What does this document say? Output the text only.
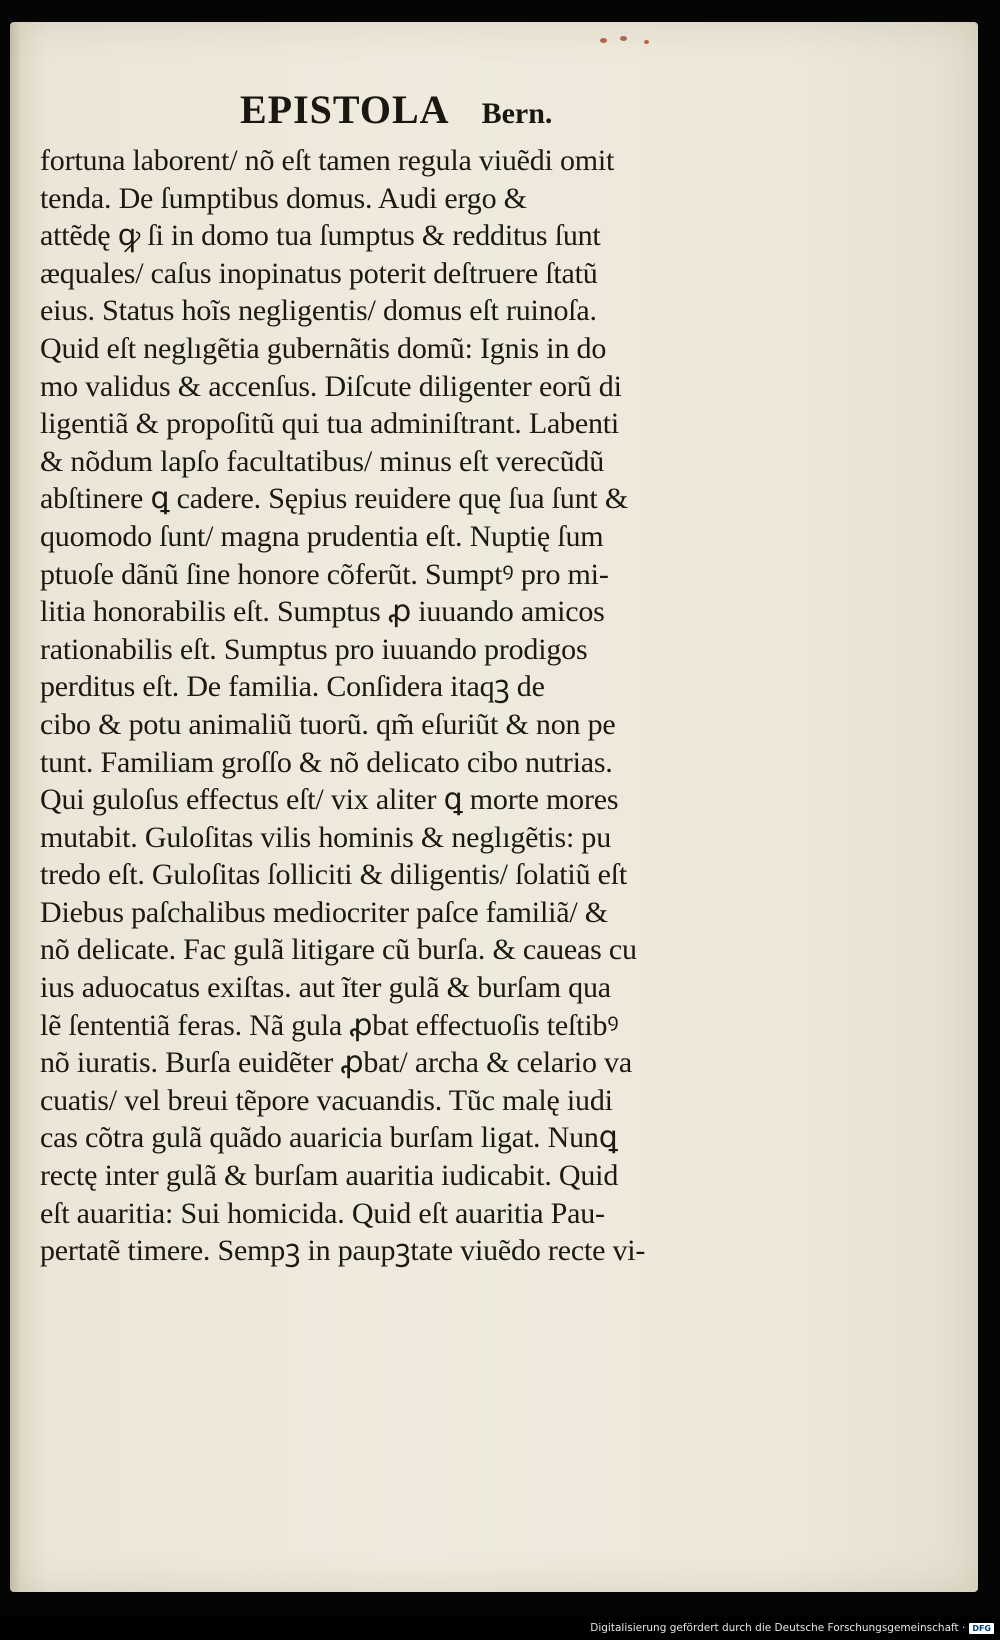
EPISTOLA Bern.
fortuna laborent/ nõ eſt tamen regula viuẽdi omit
tenda. De ſumptibus domus. Audi ergo &
attẽdę ꝙ ſi in domo tua ſumptus & redditus ſunt
æquales/ caſus inopinatus poterit deſtruere ſtatũ
eius. Status hoĩs negligentis/ domus eſt ruinoſa.
Quid eſt neglıgẽtia gubernãtis domũ: Ignis in do
mo validus & accenſus. Diſcute diligenter eorũ di
ligentiã & propoſitũ qui tua adminiſtrant. Labenti
& nõdum lapſo facultatibus/ minus eſt verecũdũ
abſtinere ꝗ cadere. Sępius reuidere quę ſua ſunt &
quomodo ſunt/ magna prudentia eſt. Nuptię ſum
ptuoſe dãnũ ſine honore cõferũt. Sumptꝰ pro mi-
litia honorabilis eſt. Sumptus ꝓ iuuando amicos
rationabilis eſt. Sumptus pro iuuando prodigos
perditus eſt. De familia. Conſidera itaqꝫ de
cibo & potu animaliũ tuorũ. qm̃ eſuriũt & non pe
tunt. Familiam groſſo & nõ delicato cibo nutrias.
Qui guloſus effectus eſt/ vix aliter ꝗ morte mores
mutabit. Guloſitas vilis hominis & neglıgẽtis: pu
tredo eſt. Guloſitas ſolliciti & diligentis/ ſolatiũ eſt
Diebus paſchalibus mediocriter paſce familiã/ &
nõ delicate. Fac gulã litigare cũ burſa. & caueas cu
ius aduocatus exiſtas. aut ĩter gulã & burſam qua
lẽ ſententiã feras. Nã gula ꝓbat effectuoſis teſtibꝰ
nõ iuratis. Burſa euidẽter ꝓbat/ archa & celario va
cuatis/ vel breui tẽpore vacuandis. Tũc malę iudi
cas cõtra gulã quãdo auaricia burſam ligat. Nunꝗ
rectę inter gulã & burſam auaritia iudicabit. Quid
eſt auaritia: Sui homicida. Quid eſt auaritia Pau-
pertatẽ timere. Sempꝫ in paupꝫtate viuẽdo recte vi-
Digitalisierung gefördert durch die Deutsche Forschungsgemeinschaft · DFG
